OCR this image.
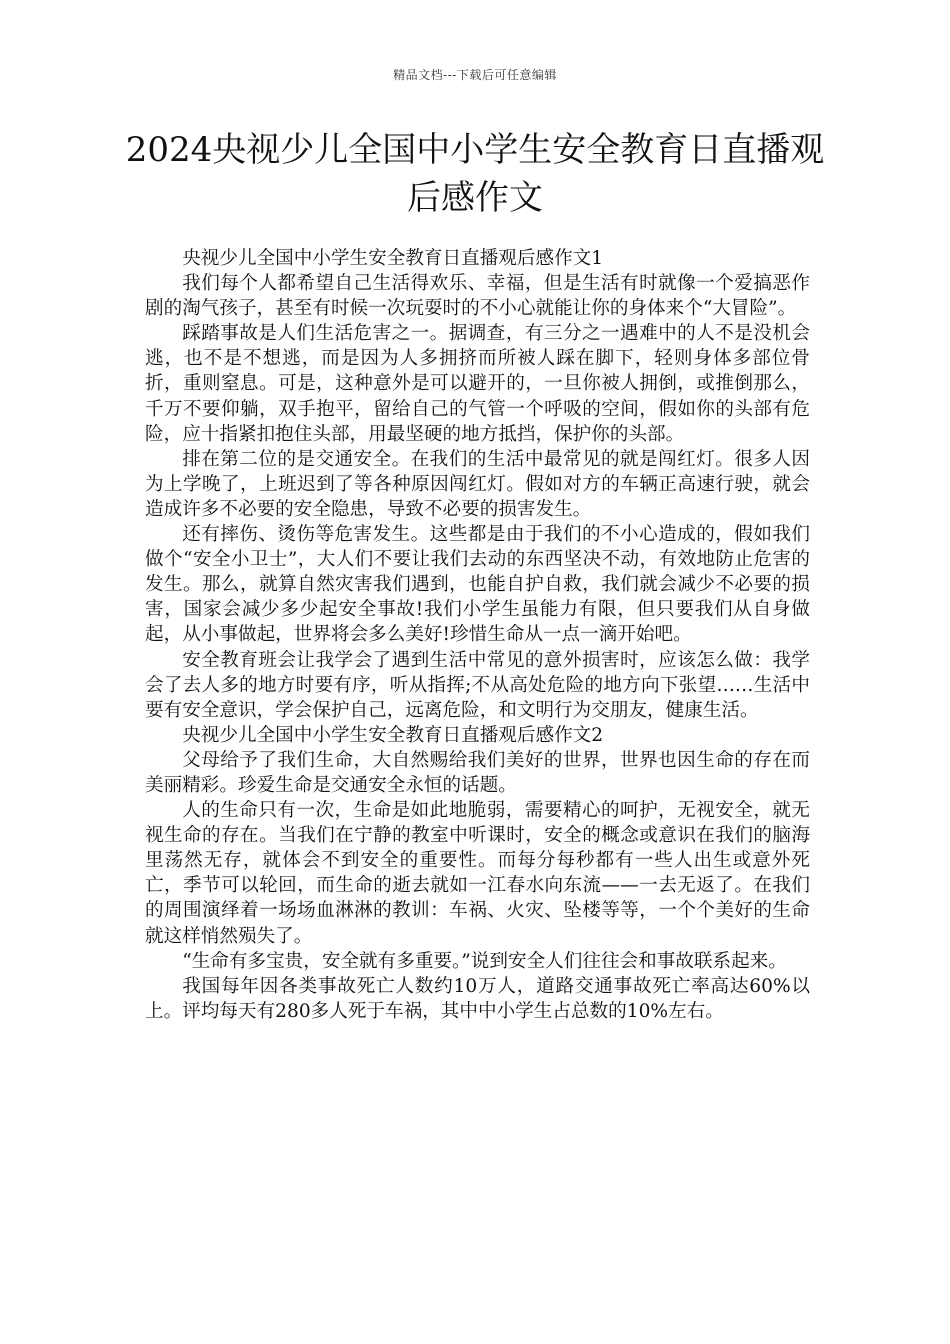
精品文档---下载后可任意编辑
2024央视少儿全国中小学生安全教育日直播观后感作文

央视少儿全国中小学生安全教育日直播观后感作文1

我们每个人都希望自己生活得欢乐、幸福，但是生活有时就像一个爱搞恶作剧的淘气孩子，甚至有时候一次玩耍时的不小心就能让你的身体来个“大冒险”。

踩踏事故是人们生活危害之一。据调查，有三分之一遇难中的人不是没机会逃，也不是不想逃，而是因为人多拥挤而所被人踩在脚下，轻则身体多部位骨折，重则窒息。可是，这种意外是可以避开的，一旦你被人拥倒，或推倒那么，千万不要仰躺，双手抱平，留给自己的气管一个呼吸的空间，假如你的头部有危险，应十指紧扣抱住头部，用最坚硬的地方抵挡，保护你的头部。

排在第二位的是交通安全。在我们的生活中最常见的就是闯红灯。很多人因为上学晚了，上班迟到了等各种原因闯红灯。假如对方的车辆正高速行驶，就会造成许多不必要的安全隐患，导致不必要的损害发生。

还有摔伤、烫伤等危害发生。这些都是由于我们的不小心造成的，假如我们做个“安全小卫士”，大人们不要让我们去动的东西坚决不动，有效地防止危害的发生。那么，就算自然灾害我们遇到，也能自护自救，我们就会减少不必要的损害，国家会减少多少起安全事故!我们小学生虽能力有限，但只要我们从自身做起，从小事做起，世界将会多么美好!珍惜生命从一点一滴开始吧。

安全教育班会让我学会了遇到生活中常见的意外损害时，应该怎么做：我学会了去人多的地方时要有序，听从指挥;不从高处危险的地方向下张望……生活中要有安全意识，学会保护自己，远离危险，和文明行为交朋友，健康生活。

央视少儿全国中小学生安全教育日直播观后感作文2

父母给予了我们生命，大自然赐给我们美好的世界，世界也因生命的存在而美丽精彩。珍爱生命是交通安全永恒的话题。

人的生命只有一次，生命是如此地脆弱，需要精心的呵护，无视安全，就无视生命的存在。当我们在宁静的教室中听课时，安全的概念或意识在我们的脑海里荡然无存，就体会不到安全的重要性。而每分每秒都有一些人出生或意外死亡，季节可以轮回，而生命的逝去就如一江春水向东流——一去无返了。在我们的周围演绎着一场场血淋淋的教训：车祸、火灾、坠楼等等，一个个美好的生命就这样悄然殒失了。

“生命有多宝贵，安全就有多重要。”说到安全人们往往会和事故联系起来。

我国每年因各类事故死亡人数约10万人，道路交通事故死亡率高达60%以上。评均每天有280多人死于车祸，其中中小学生占总数的10%左右。
